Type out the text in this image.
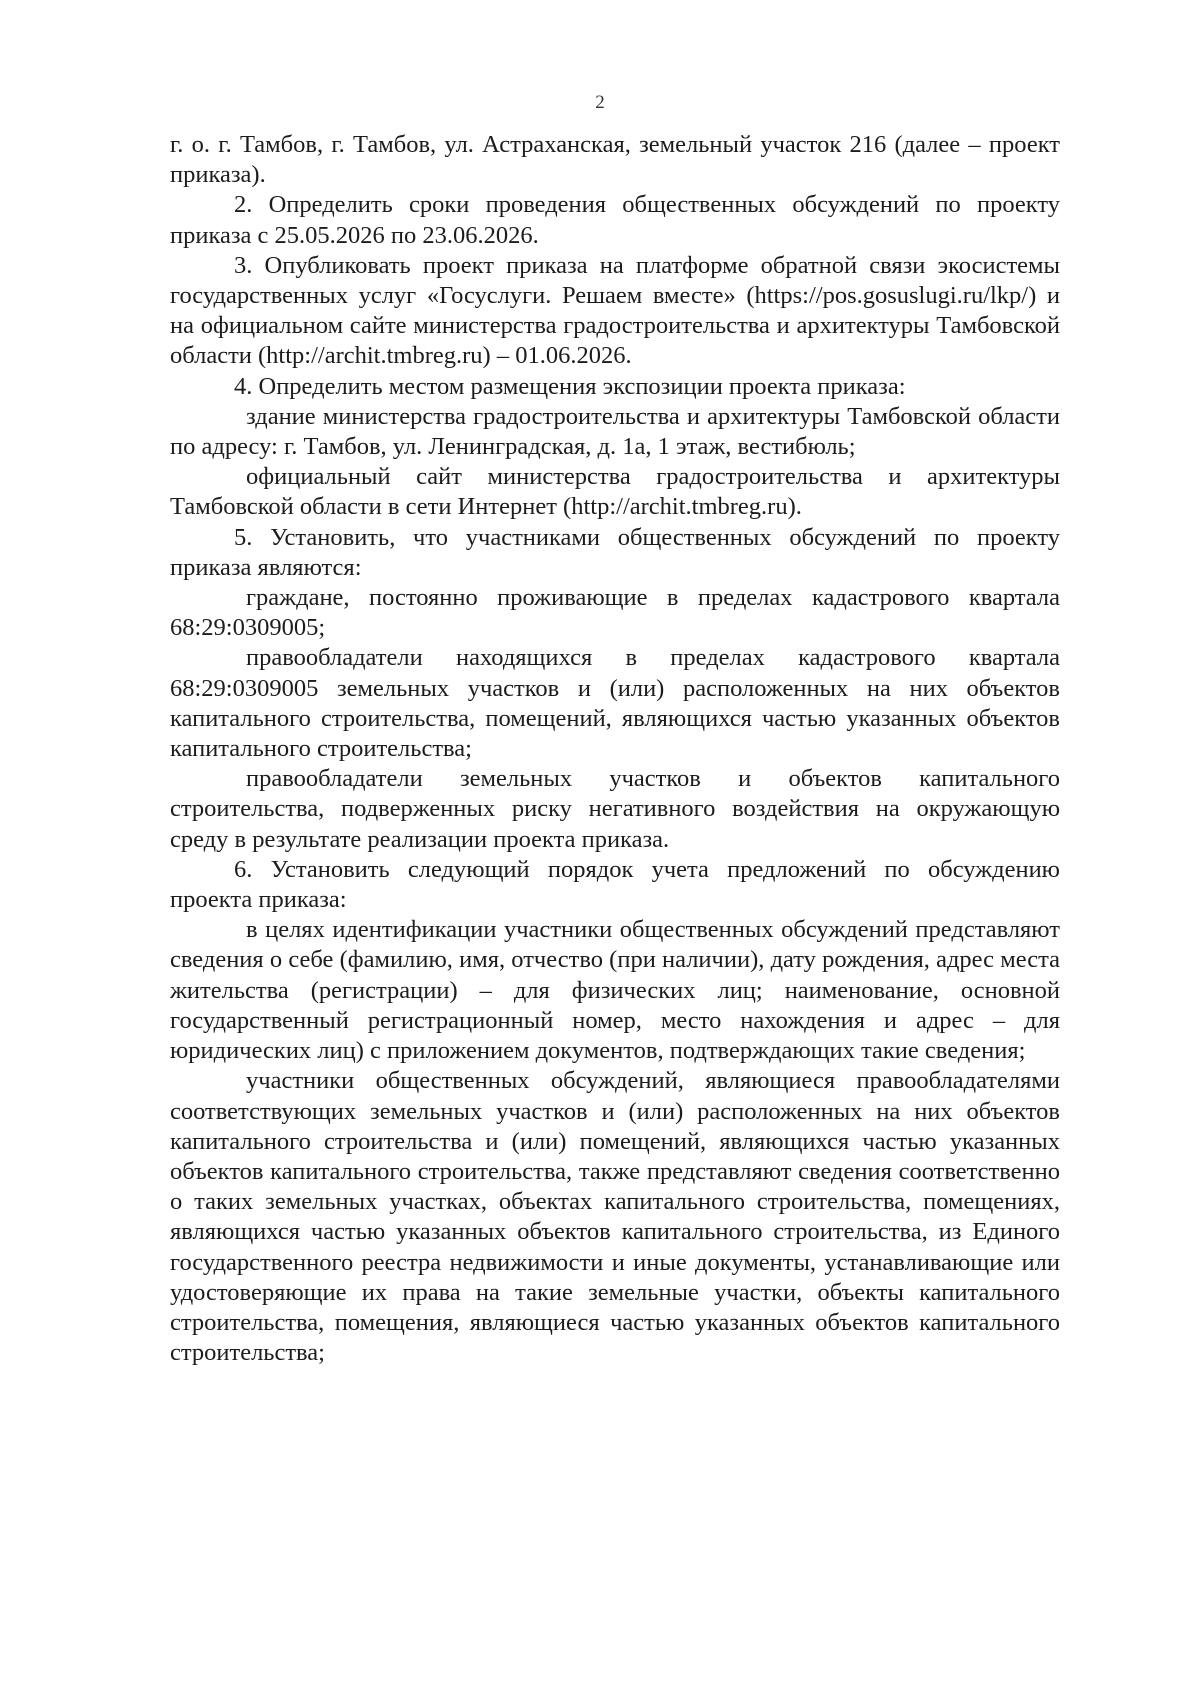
2

г. о. г. Тамбов, г. Тамбов, ул. Астраханская, земельный участок 216 (далее – проект приказа).

2. Определить сроки проведения общественных обсуждений по проекту приказа с 25.05.2026 по 23.06.2026.

3. Опубликовать проект приказа на платформе обратной связи экосистемы государственных услуг «Госуслуги. Решаем вместе» (https://pos.gosuslugi.ru/lkp/) и на официальном сайте министерства градостроительства и архитектуры Тамбовской области (http://archit.tmbreg.ru) – 01.06.2026.

4. Определить местом размещения экспозиции проекта приказа:

здание министерства градостроительства и архитектуры Тамбовской области по адресу: г. Тамбов, ул. Ленинградская, д. 1а, 1 этаж, вестибюль;

официальный сайт министерства градостроительства и архитектуры Тамбовской области в сети Интернет (http://archit.tmbreg.ru).

5. Установить, что участниками общественных обсуждений по проекту приказа являются:

граждане, постоянно проживающие в пределах кадастрового квартала 68:29:0309005;

правообладатели находящихся в пределах кадастрового квартала 68:29:0309005 земельных участков и (или) расположенных на них объектов капитального строительства, помещений, являющихся частью указанных объектов капитального строительства;

правообладатели земельных участков и объектов капитального строительства, подверженных риску негативного воздействия на окружающую среду в результате реализации проекта приказа.

6. Установить следующий порядок учета предложений по обсуждению проекта приказа:

в целях идентификации участники общественных обсуждений представляют сведения о себе (фамилию, имя, отчество (при наличии), дату рождения, адрес места жительства (регистрации) – для физических лиц; наименование, основной государственный регистрационный номер, место нахождения и адрес – для юридических лиц) с приложением документов, подтверждающих такие сведения;

участники общественных обсуждений, являющиеся правообладателями соответствующих земельных участков и (или) расположенных на них объектов капитального строительства и (или) помещений, являющихся частью указанных объектов капитального строительства, также представляют сведения соответственно о таких земельных участках, объектах капитального строительства, помещениях, являющихся частью указанных объектов капитального строительства, из Единого государственного реестра недвижимости и иные документы, устанавливающие или удостоверяющие их права на такие земельные участки, объекты капитального строительства, помещения, являющиеся частью указанных объектов капитального строительства;
